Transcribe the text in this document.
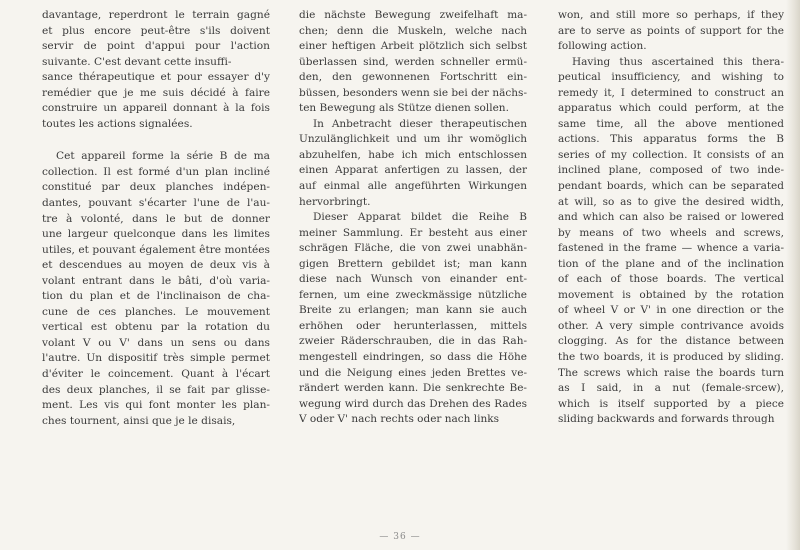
davantage, reperdront le terrain gagné
et plus encore peut-être s'ils doivent
servir de point d'appui pour l'action
suivante. C'est devant cette insuffi-
sance thérapeutique et pour essayer d'y
remédier que je me suis décidé à faire
construire un appareil donnant à la fois
toutes les actions signalées.
Cet appareil forme la série B de ma
collection. Il est formé d'un plan incliné
constitué par deux planches indépen-
dantes, pouvant s'écarter l'une de l'au-
tre à volonté, dans le but de donner
une largeur quelconque dans les limites
utiles, et pouvant également être montées
et descendues au moyen de deux vis à
volant entrant dans le bâti, d'où varia-
tion du plan et de l'inclinaison de cha-
cune de ces planches. Le mouvement
vertical est obtenu par la rotation du
volant V ou V' dans un sens ou dans
l'autre. Un dispositif très simple permet
d'éviter le coincement. Quant à l'écart
des deux planches, il se fait par glisse-
ment. Les vis qui font monter les plan-
ches tournent, ainsi que je le disais,
die nächste Bewegung zweifelhaft ma-
chen; denn die Muskeln, welche nach
einer heftigen Arbeit plötzlich sich selbst
überlassen sind, werden schneller ermü-
den, den gewonnenen Fortschritt ein-
büssen, besonders wenn sie bei der nächs-
ten Bewegung als Stütze dienen sollen.
In Anbetracht dieser therapeutischen
Unzulänglichkeit und um ihr womöglich
abzuhelfen, habe ich mich entschlossen
einen Apparat anfertigen zu lassen, der
auf einmal alle angeführten Wirkungen
hervorbringt.
Dieser Apparat bildet die Reihe B
meiner Sammlung. Er besteht aus einer
schrägen Fläche, die von zwei unabhän-
gigen Brettern gebildet ist; man kann
diese nach Wunsch von einander ent-
fernen, um eine zweckmässige nützliche
Breite zu erlangen; man kann sie auch
erhöhen oder herunterlassen, mittels
zweier Räderschrauben, die in das Rah-
mengestell eindringen, so dass die Höhe
und die Neigung eines jeden Brettes ve-
rändert werden kann. Die senkrechte Be-
wegung wird durch das Drehen des Rades
V oder V' nach rechts oder nach links
won, and still more so perhaps, if they
are to serve as points of support for the
following action.
Having thus ascertained this thera-
peutical insufficiency, and wishing to
remedy it, I determined to construct an
apparatus which could perform, at the
same time, all the above mentioned
actions. This apparatus forms the B
series of my collection. It consists of an
inclined plane, composed of two inde-
pendant boards, which can be separated
at will, so as to give the desired width,
and which can also be raised or lowered
by means of two wheels and screws,
fastened in the frame — whence a varia-
tion of the plane and of the inclination
of each of those boards. The vertical
movement is obtained by the rotation
of wheel V or V' in one direction or the
other. A very simple contrivance avoids
clogging. As for the distance between
the two boards, it is produced by sliding.
The screws which raise the boards turn
as I said, in a nut (female-srcew),
which is itself supported by a piece
sliding backwards and forwards through
— 36 —
